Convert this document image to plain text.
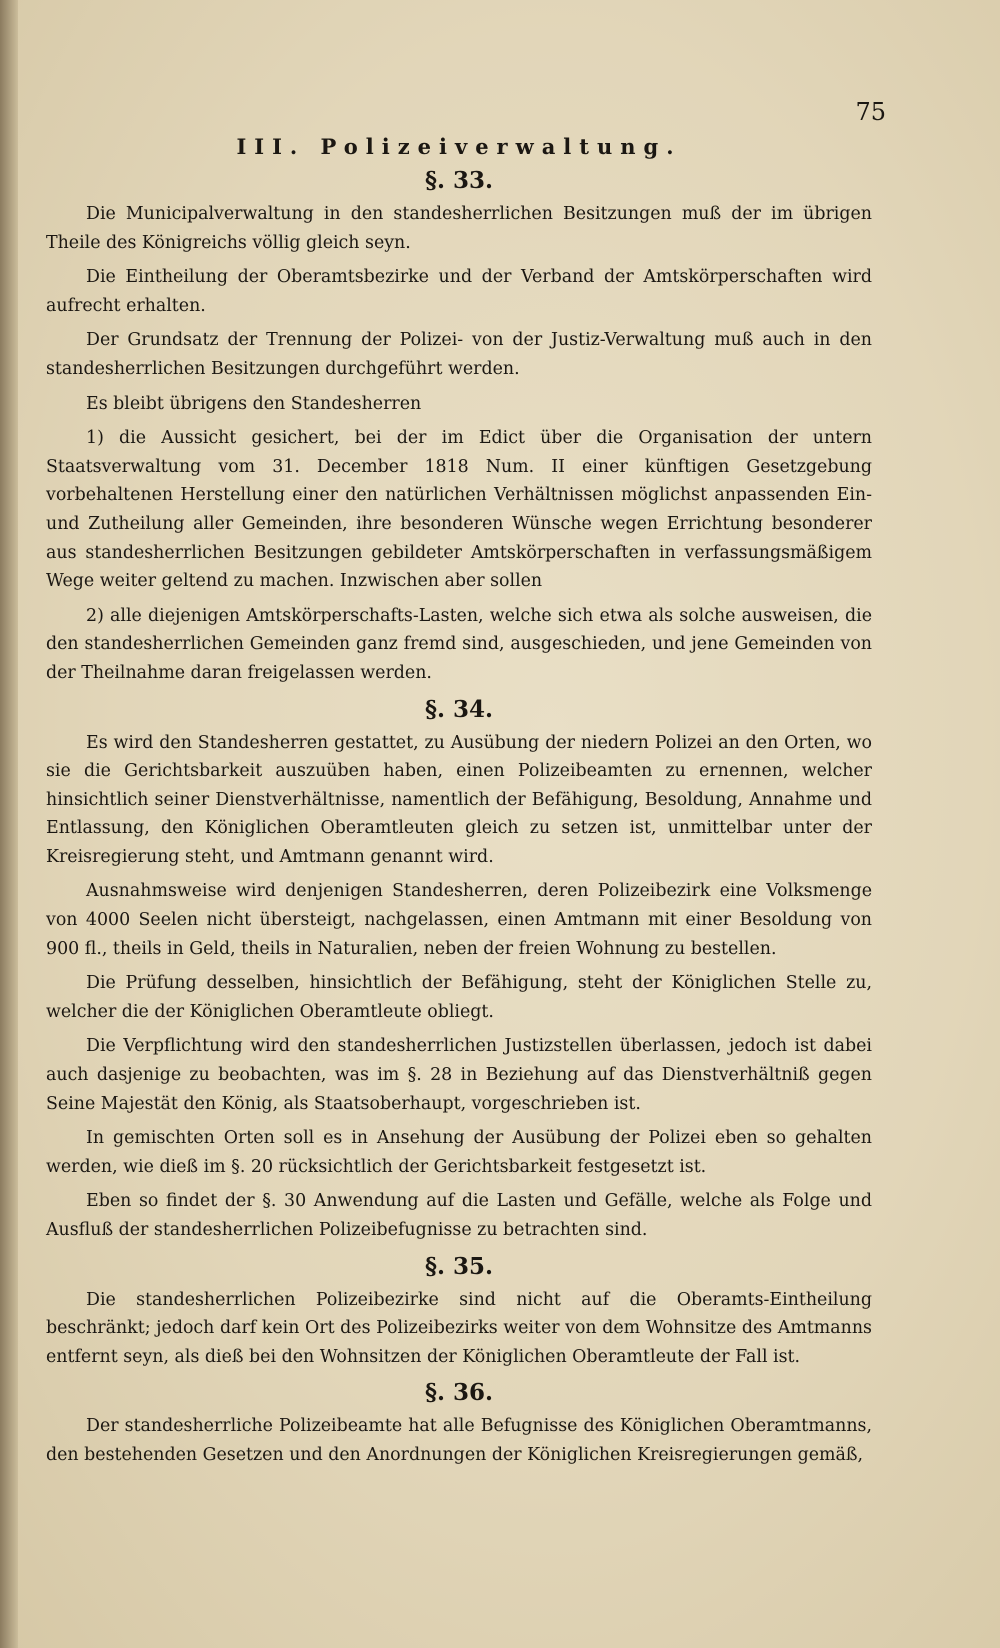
75
III. Polizeiverwaltung.
§. 33.

Die Municipalverwaltung in den standesherrlichen Besitzungen muß der im übrigen Theile des Königreichs völlig gleich seyn.

Die Eintheilung der Oberamtsbezirke und der Verband der Amtskörperschaften wird aufrecht erhalten.

Der Grundsatz der Trennung der Polizei- von der Justiz-Verwaltung muß auch in den standesherrlichen Besitzungen durchgeführt werden.

Es bleibt übrigens den Standesherren

1) die Aussicht gesichert, bei der im Edict über die Organisation der untern Staatsverwaltung vom 31. December 1818 Num. II einer künftigen Gesetzgebung vorbehaltenen Herstellung einer den natürlichen Verhältnissen möglichst anpassenden Ein- und Zutheilung aller Gemeinden, ihre besonderen Wünsche wegen Errichtung besonderer aus standesherrlichen Besitzungen gebildeter Amtskörperschaften in verfassungsmäßigem Wege weiter geltend zu machen. Inzwischen aber sollen

2) alle diejenigen Amtskörperschafts-Lasten, welche sich etwa als solche ausweisen, die den standesherrlichen Gemeinden ganz fremd sind, ausgeschieden, und jene Gemeinden von der Theilnahme daran freigelassen werden.

§. 34.

Es wird den Standesherren gestattet, zu Ausübung der niedern Polizei an den Orten, wo sie die Gerichtsbarkeit auszuüben haben, einen Polizeibeamten zu ernennen, welcher hinsichtlich seiner Dienstverhältnisse, namentlich der Befähigung, Besoldung, Annahme und Entlassung, den Königlichen Oberamtleuten gleich zu setzen ist, unmittelbar unter der Kreisregierung steht, und Amtmann genannt wird.

Ausnahmsweise wird denjenigen Standesherren, deren Polizeibezirk eine Volksmenge von 4000 Seelen nicht übersteigt, nachgelassen, einen Amtmann mit einer Besoldung von 900 fl., theils in Geld, theils in Naturalien, neben der freien Wohnung zu bestellen.

Die Prüfung desselben, hinsichtlich der Befähigung, steht der Königlichen Stelle zu, welcher die der Königlichen Oberamtleute obliegt.

Die Verpflichtung wird den standesherrlichen Justizstellen überlassen, jedoch ist dabei auch dasjenige zu beobachten, was im §. 28 in Beziehung auf das Dienstverhältniß gegen Seine Majestät den König, als Staatsoberhaupt, vorgeschrieben ist.

In gemischten Orten soll es in Ansehung der Ausübung der Polizei eben so gehalten werden, wie dieß im §. 20 rücksichtlich der Gerichtsbarkeit festgesetzt ist.

Eben so findet der §. 30 Anwendung auf die Lasten und Gefälle, welche als Folge und Ausfluß der standesherrlichen Polizeibefugnisse zu betrachten sind.

§. 35.

Die standesherrlichen Polizeibezirke sind nicht auf die Oberamts-Eintheilung beschränkt; jedoch darf kein Ort des Polizeibezirks weiter von dem Wohnsitze des Amtmanns entfernt seyn, als dieß bei den Wohnsitzen der Königlichen Oberamtleute der Fall ist.

§. 36.

Der standesherrliche Polizeibeamte hat alle Befugnisse des Königlichen Oberamtmanns, den bestehenden Gesetzen und den Anordnungen der Königlichen Kreisregierungen gemäß,
